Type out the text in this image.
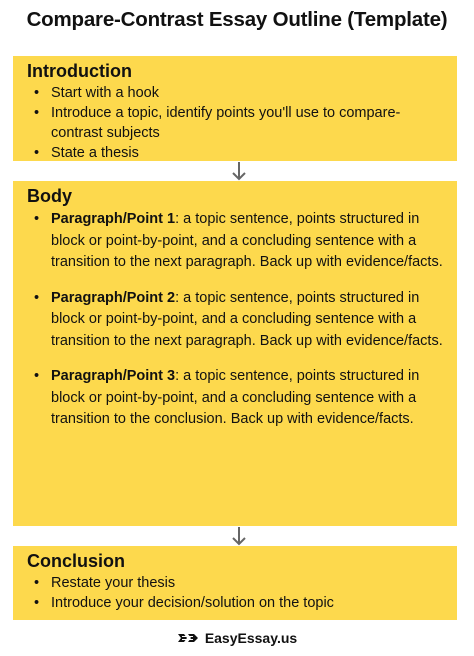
Compare-Contrast Essay Outline (Template)
Introduction
• Start with a hook
• Introduce a topic, identify points you'll use to compare-contrast subjects
• State a thesis
Body
• Paragraph/Point 1: a topic sentence, points structured in block or point-by-point, and a concluding sentence with a transition to the next paragraph. Back up with evidence/facts.
• Paragraph/Point 2: a topic sentence, points structured in block or point-by-point, and a concluding sentence with a transition to the next paragraph. Back up with evidence/facts.
• Paragraph/Point 3: a topic sentence, points structured in block or point-by-point, and a concluding sentence with a transition to the conclusion. Back up with evidence/facts.
Conclusion
• Restate your thesis
• Introduce your decision/solution on the topic
EasyEssay.us
